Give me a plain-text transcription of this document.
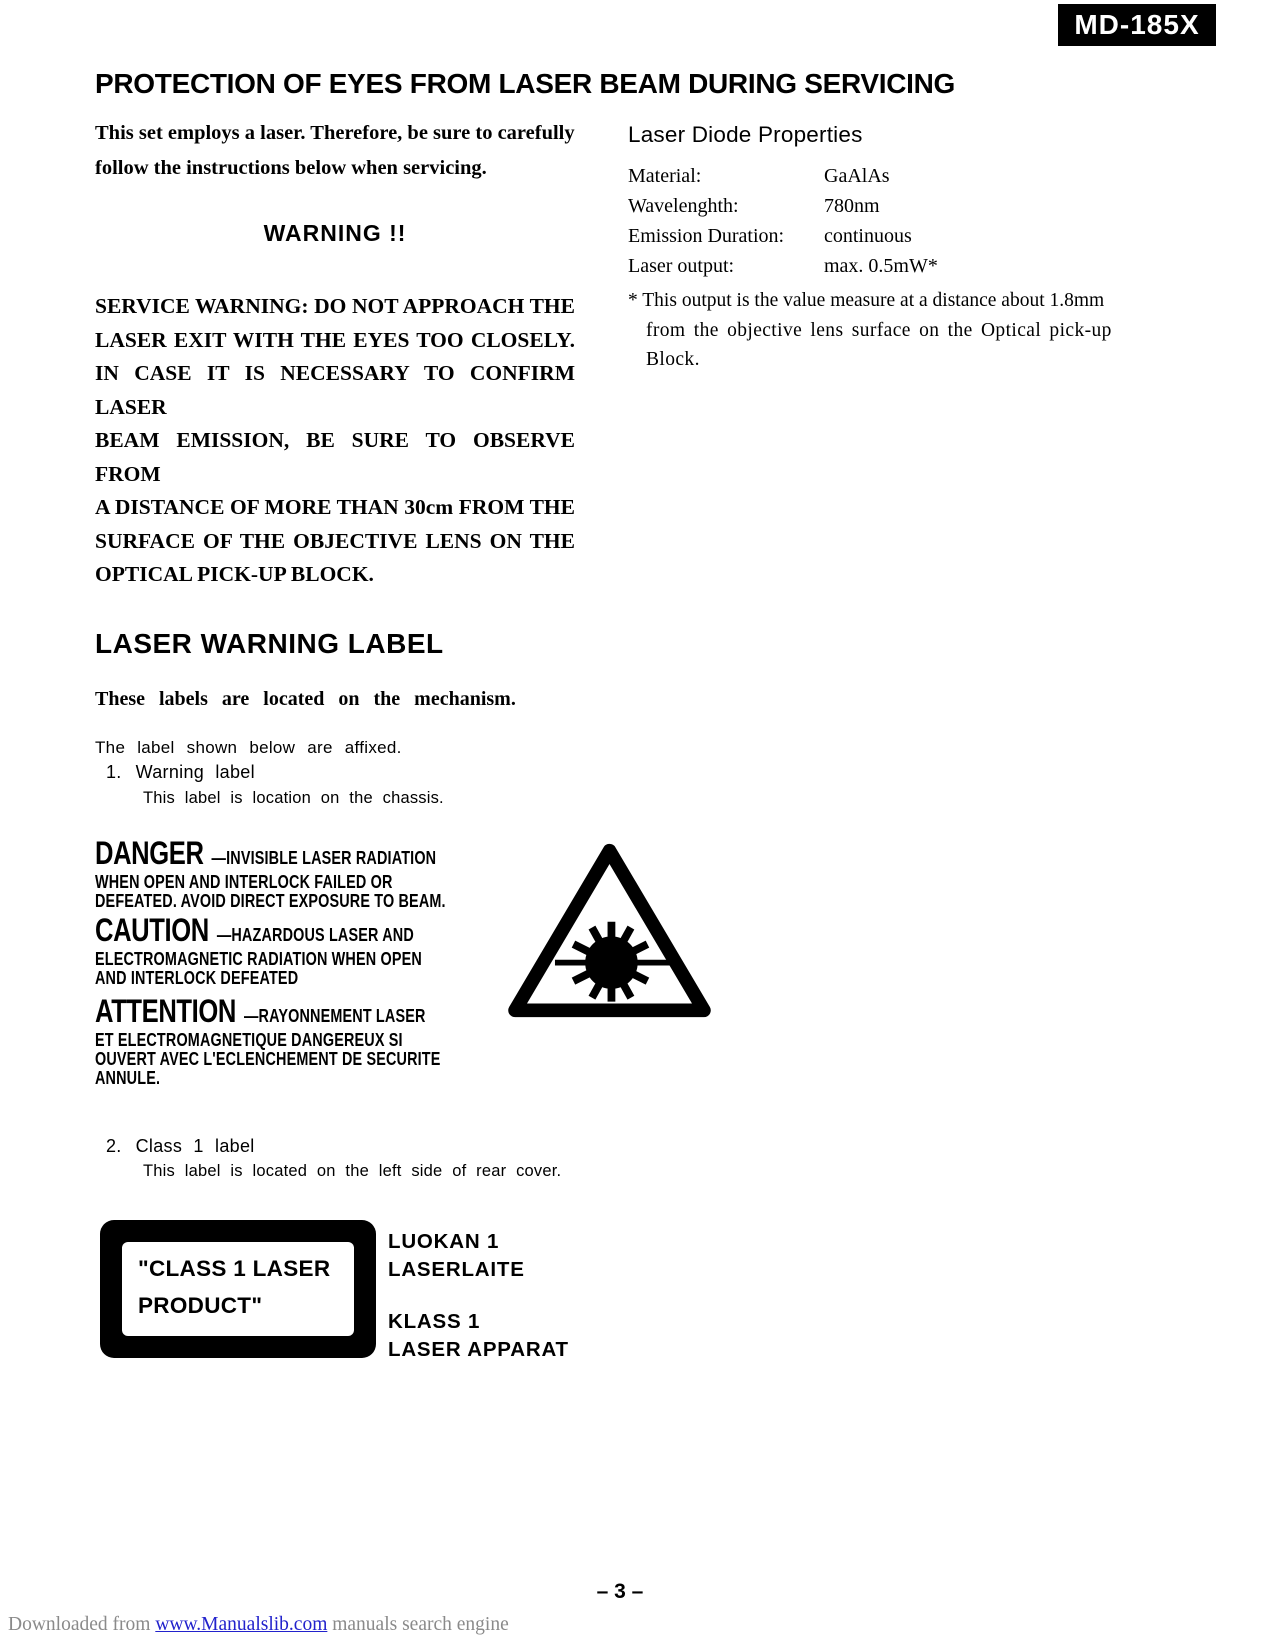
MD-185X
PROTECTION OF EYES FROM LASER BEAM DURING SERVICING
This set employs a laser. Therefore, be sure to carefully
follow the instructions below when servicing.
WARNING !!
SERVICE WARNING: DO NOT APPROACH THE
LASER EXIT WITH THE EYES TOO CLOSELY.
IN CASE IT IS NECESSARY TO CONFIRM LASER
BEAM EMISSION, BE SURE TO OBSERVE FROM
A DISTANCE OF MORE THAN 30cm FROM THE
SURFACE OF THE OBJECTIVE LENS ON THE
OPTICAL PICK-UP BLOCK.
Laser Diode Properties
Material:	GaAlAs
Wavelenghth:	780nm
Emission Duration:	continuous
Laser output:	max. 0.5mW*
* This output is the value measure at a distance about 1.8mm
from the objective lens surface on the Optical pick-up
Block.
LASER WARNING LABEL
These labels are located on the mechanism.
The label shown below are affixed.
1. Warning label
This label is location on the chassis.
DANGER —INVISIBLE LASER RADIATION
WHEN OPEN AND INTERLOCK FAILED OR
DEFEATED. AVOID DIRECT EXPOSURE TO BEAM.
CAUTION —HAZARDOUS LASER AND
ELECTROMAGNETIC RADIATION WHEN OPEN
AND INTERLOCK DEFEATED
ATTENTION —RAYONNEMENT LASER
ET ELECTROMAGNETIQUE DANGEREUX SI
OUVERT AVEC L'ECLENCHEMENT DE SECURITE
ANNULE.
2. Class 1 label
This label is located on the left side of rear cover.
"CLASS 1 LASER
PRODUCT"
LUOKAN 1
LASERLAITE
KLASS 1
LASER APPARAT
– 3 –
Downloaded from www.Manualslib.com manuals search engine
